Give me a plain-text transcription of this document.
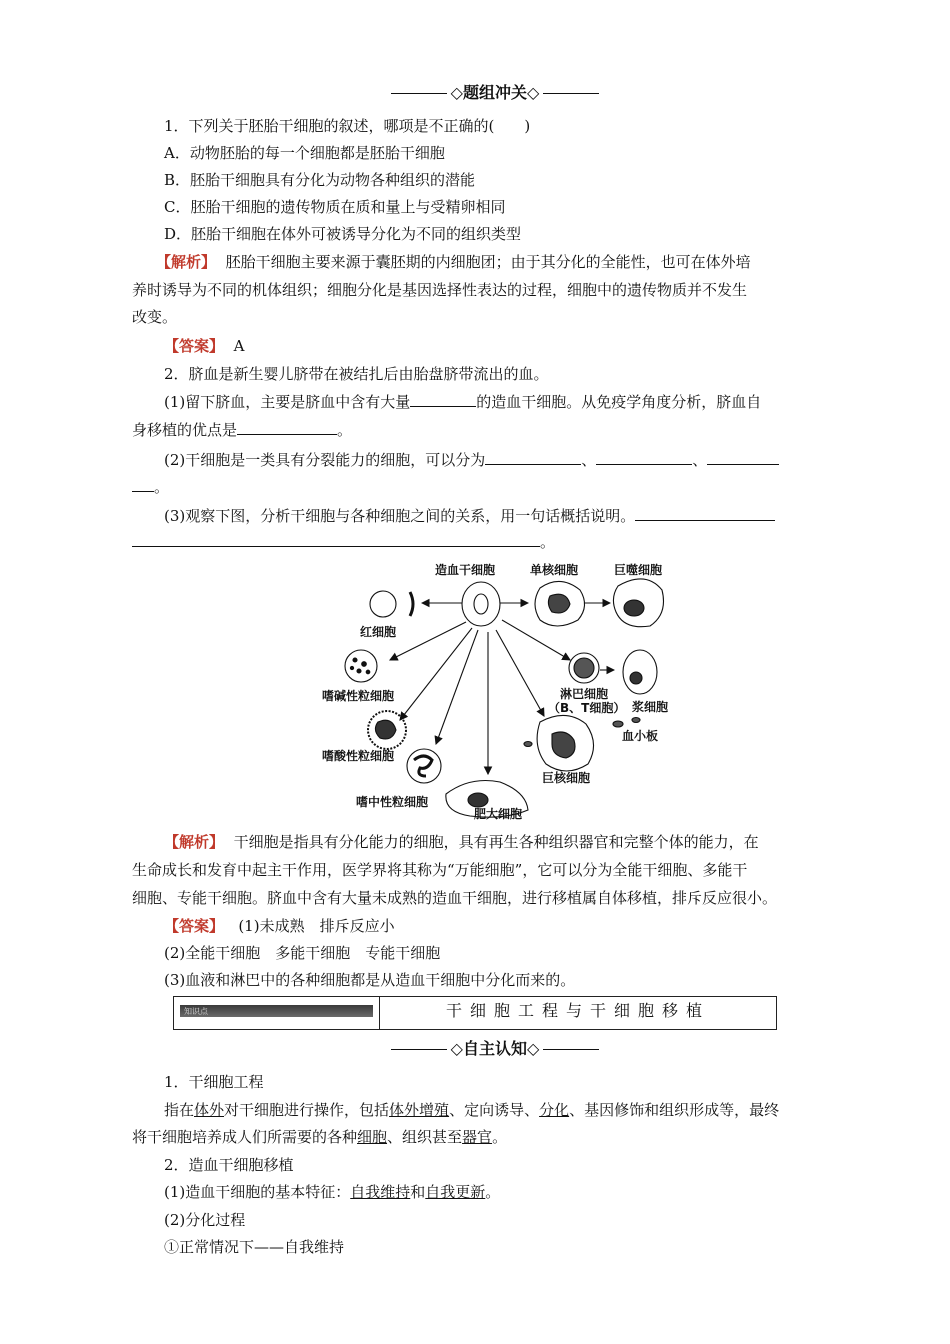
◇题组冲关◇
1．下列关于胚胎干细胞的叙述，哪项是不正确的(　　)
A．动物胚胎的每一个细胞都是胚胎干细胞
B．胚胎干细胞具有分化为动物各种组织的潜能
C．胚胎干细胞的遗传物质在质和量上与受精卵相同
D．胚胎干细胞在体外可被诱导分化为不同的组织类型
【解析】 胚胎干细胞主要来源于囊胚期的内细胞团；由于其分化的全能性，也可在体外培
养时诱导为不同的机体组织；细胞分化是基因选择性表达的过程，细胞中的遗传物质并不发生
改变。
【答案】 A
2．脐血是新生婴儿脐带在被结扎后由胎盘脐带流出的血。
(1)留下脐血，主要是脐血中含有大量	的造血干细胞。从免疫学角度分析，脐血自
身移植的优点是	。
(2)干细胞是一类具有分裂能力的细胞，可以分为	、	、
。
(3)观察下图，分析干细胞与各种细胞之间的关系，用一句话概括说明。
。
造血干细胞	单核细胞	巨噬细胞
红细胞
嗜碱性粒细胞	淋巴细胞
（B、T细胞） 浆细胞
血小板
嗜酸性粒细胞
巨核细胞
嗜中性粒细胞
肥大细胞
【解析】 干细胞是指具有分化能力的细胞，具有再生各种组织器官和完整个体的能力，在
生命成长和发育中起主干作用，医学界将其称为“万能细胞”，它可以分为全能干细胞、多能干
细胞、专能干细胞。脐血中含有大量未成熟的造血干细胞，进行移植属自体移植，排斥反应很小。
【答案】 (1)未成熟　排斥反应小
(2)全能干细胞　多能干细胞　专能干细胞
(3)血液和淋巴中的各种细胞都是从造血干细胞中分化而来的。
知识点	干细胞工程与干细胞移植
◇自主认知◇
1．干细胞工程
指在体外对干细胞进行操作，包括体外增殖、定向诱导、分化、基因修饰和组织形成等，最终
将干细胞培养成人们所需要的各种细胞、组织甚至器官。
2．造血干细胞移植
(1)造血干细胞的基本特征：自我维持和自我更新。
(2)分化过程
①正常情况下——自我维持
